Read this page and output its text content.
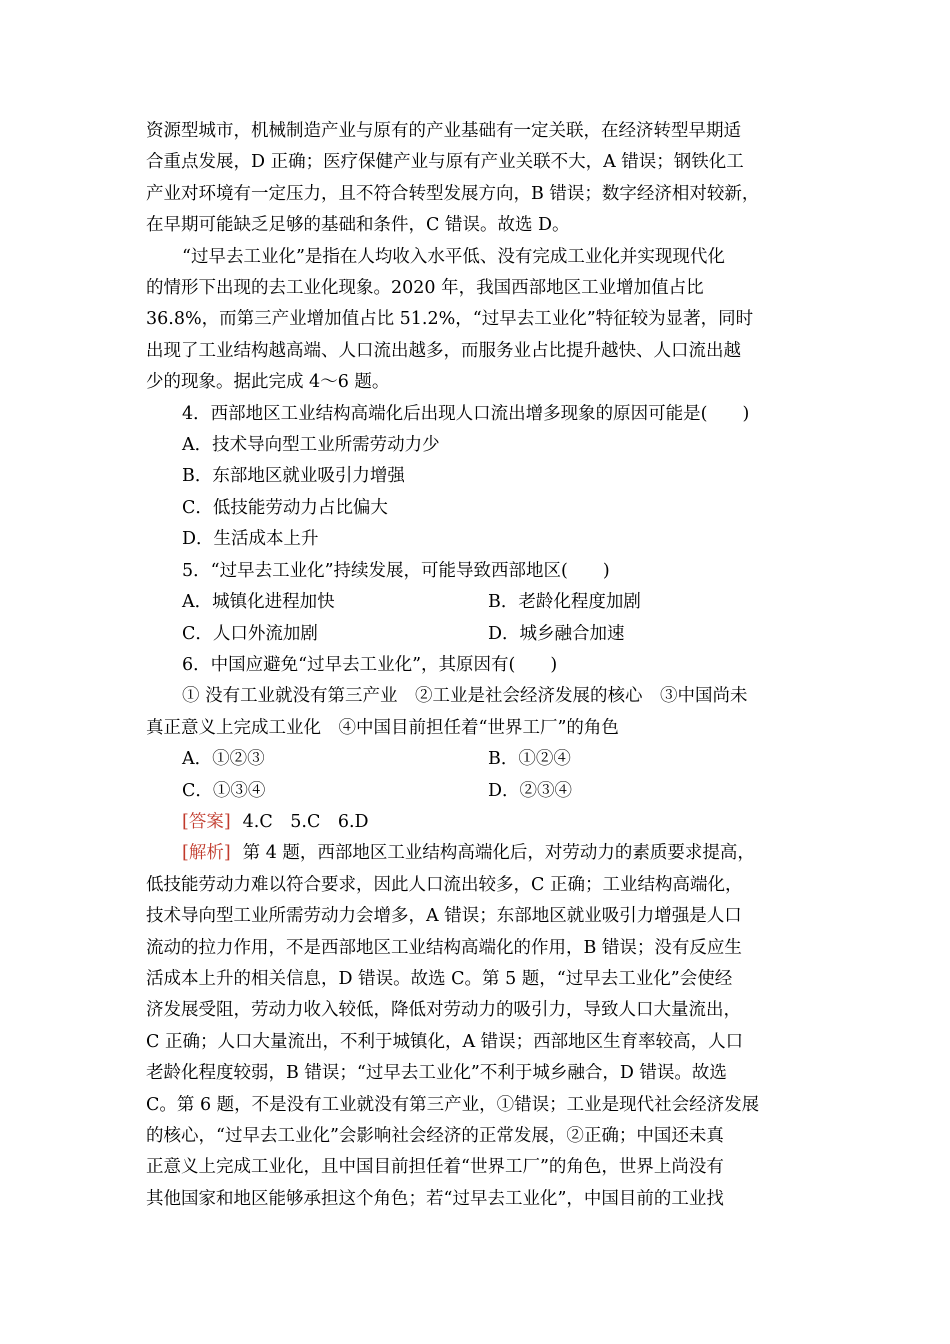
资源型城市，机械制造产业与原有的产业基础有一定关联，在经济转型早期适

合重点发展，D 正确；医疗保健产业与原有产业关联不大，A 错误；钢铁化工

产业对环境有一定压力，且不符合转型发展方向，B 错误；数字经济相对较新，

在早期可能缺乏足够的基础和条件，C 错误。故选 D。

“过早去工业化”是指在人均收入水平低、没有完成工业化并实现现代化

的情形下出现的去工业化现象。2020 年，我国西部地区工业增加值占比

36.8%，而第三产业增加值占比 51.2%，“过早去工业化”特征较为显著，同时

出现了工业结构越高端、人口流出越多，而服务业占比提升越快、人口流出越

少的现象。据此完成 4～6 题。

4．西部地区工业结构高端化后出现人口流出增多现象的原因可能是(　　)

A．技术导向型工业所需劳动力少

B．东部地区就业吸引力增强

C．低技能劳动力占比偏大

D．生活成本上升

5．“过早去工业化”持续发展，可能导致西部地区(　　)

A．城镇化进程加快	B．老龄化程度加剧
C．人口外流加剧	D．城乡融合加速

6．中国应避免“过早去工业化”，其原因有(　　)

① 没有工业就没有第三产业　②工业是社会经济发展的核心　③中国尚未

真正意义上完成工业化　④中国目前担任着“世界工厂”的角色

A．①②③	B．①②④
C．①③④	D．②③④

[答案] 4.C　5.C　6.D

[解析] 第 4 题，西部地区工业结构高端化后，对劳动力的素质要求提高，

低技能劳动力难以符合要求，因此人口流出较多，C 正确；工业结构高端化，

技术导向型工业所需劳动力会增多，A 错误；东部地区就业吸引力增强是人口

流动的拉力作用，不是西部地区工业结构高端化的作用，B 错误；没有反应生

活成本上升的相关信息，D 错误。故选 C。第 5 题，“过早去工业化”会使经

济发展受阻，劳动力收入较低，降低对劳动力的吸引力，导致人口大量流出，

C 正确；人口大量流出，不利于城镇化，A 错误；西部地区生育率较高，人口

老龄化程度较弱，B 错误；“过早去工业化”不利于城乡融合，D 错误。故选

C。第 6 题，不是没有工业就没有第三产业，①错误；工业是现代社会经济发展

的核心，“过早去工业化”会影响社会经济的正常发展，②正确；中国还未真

正意义上完成工业化，且中国目前担任着“世界工厂”的角色，世界上尚没有

其他国家和地区能够承担这个角色；若“过早去工业化”，中国目前的工业找
